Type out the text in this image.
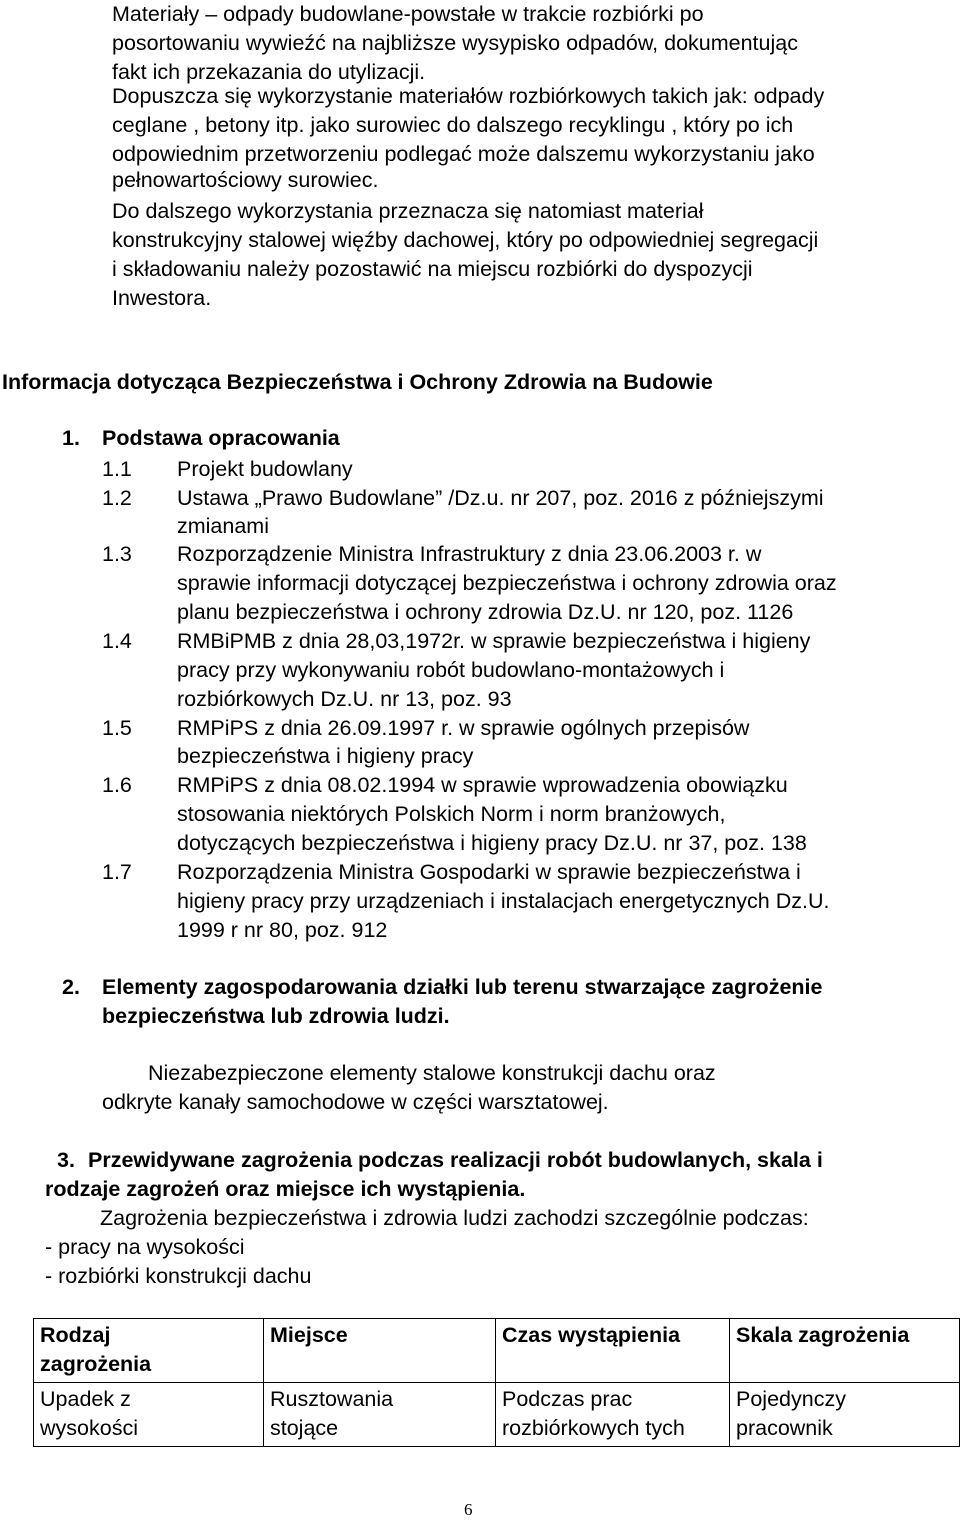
Materiały – odpady budowlane-powstałe w trakcie rozbiórki po
posortowaniu wywieźć na najbliższe wysypisko odpadów, dokumentując
fakt ich przekazania do utylizacji.
Dopuszcza się wykorzystanie materiałów rozbiórkowych takich jak: odpady
ceglane , betony itp. jako surowiec do dalszego recyklingu , który po ich
odpowiednim przetworzeniu podlegać może dalszemu wykorzystaniu jako
pełnowartościowy surowiec.
Do dalszego wykorzystania przeznacza się natomiast materiał
konstrukcyjny stalowej więźby dachowej, który po odpowiedniej segregacji
i składowaniu należy pozostawić na miejscu rozbiórki do dyspozycji
Inwestora.
Informacja dotycząca Bezpieczeństwa i Ochrony Zdrowia na Budowie
1. Podstawa opracowania
1.1 Projekt budowlany
1.2 Ustawa „Prawo Budowlane” /Dz.u. nr 207, poz. 2016 z późniejszymi
zmianami
1.3 Rozporządzenie Ministra Infrastruktury z dnia 23.06.2003 r. w
sprawie informacji dotyczącej bezpieczeństwa i ochrony zdrowia oraz
planu bezpieczeństwa i ochrony zdrowia Dz.U. nr 120, poz. 1126
1.4 RMBiPMB z dnia 28,03,1972r. w sprawie bezpieczeństwa i higieny
pracy przy wykonywaniu robót budowlano-montażowych i
rozbiórkowych Dz.U. nr 13, poz. 93
1.5 RMPiPS z dnia 26.09.1997 r. w sprawie ogólnych przepisów
bezpieczeństwa i higieny pracy
1.6 RMPiPS z dnia 08.02.1994 w sprawie wprowadzenia obowiązku
stosowania niektórych Polskich Norm i norm branżowych,
dotyczących bezpieczeństwa i higieny pracy Dz.U. nr 37, poz. 138
1.7 Rozporządzenia Ministra Gospodarki w sprawie bezpieczeństwa i
higieny pracy przy urządzeniach i instalacjach energetycznych Dz.U.
1999 r nr 80, poz. 912
2. Elementy zagospodarowania działki lub terenu stwarzające zagrożenie
bezpieczeństwa lub zdrowia ludzi.
Niezabezpieczone elementy stalowe konstrukcji dachu oraz
odkryte kanały samochodowe w części warsztatowej.
3. Przewidywane zagrożenia podczas realizacji robót budowlanych, skala i
rodzaje zagrożeń oraz miejsce ich wystąpienia.
Zagrożenia bezpieczeństwa i zdrowia ludzi zachodzi szczególnie podczas:
- pracy na wysokości
- rozbiórki konstrukcji dachu
Rodzaj
zagrożenia	Miejsce	Czas wystąpienia	Skala zagrożenia

Upadek z
wysokości	Rusztowania
stojące	Podczas prac
rozbiórkowych tych	Pojedynczy
pracownik
6
